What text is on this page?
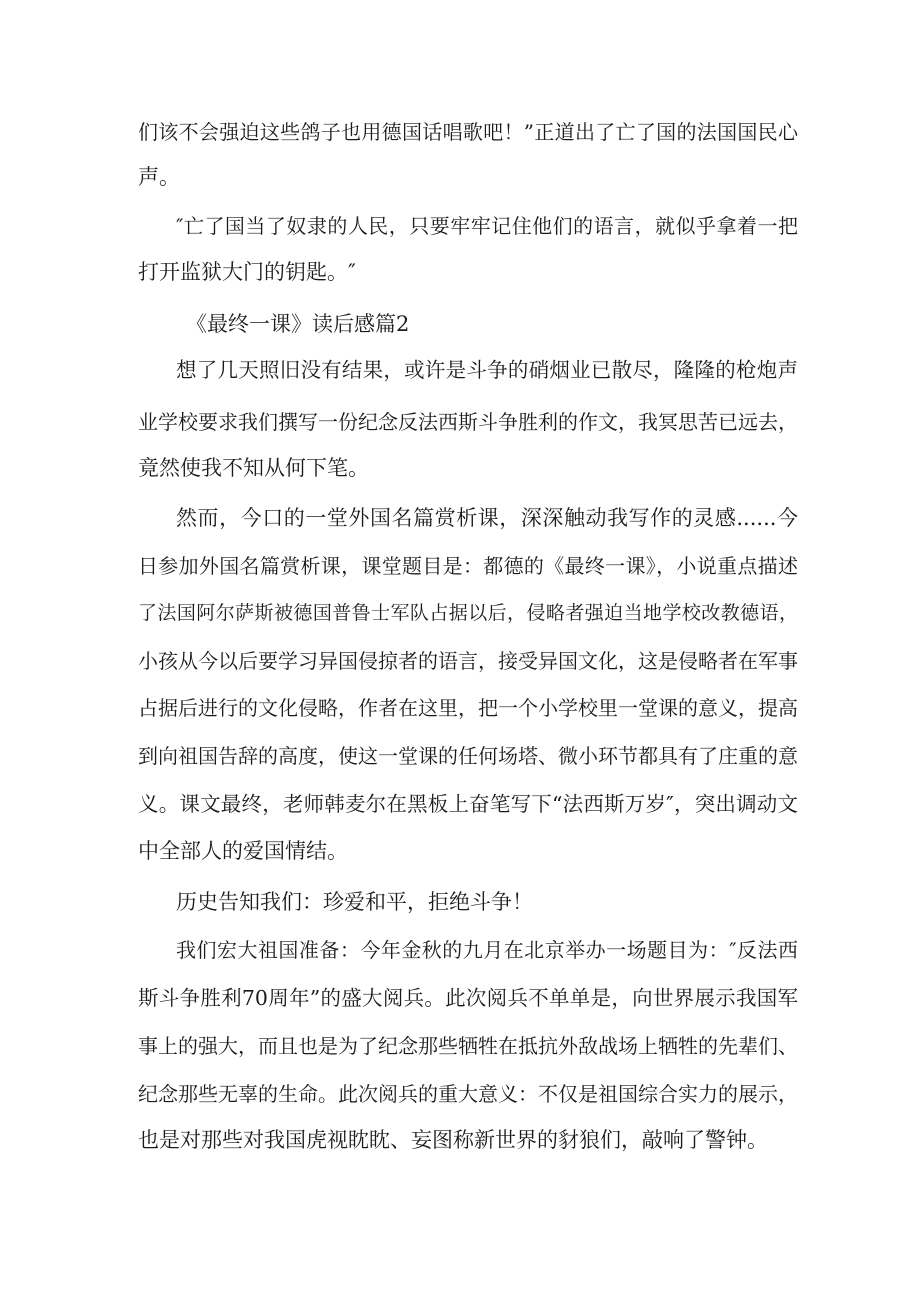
们该不会强迫这些鸽子也用德国话唱歌吧！”正道出了亡了国的法国国民心
声。
″亡了国当了奴隶的人民，只要牢牢记住他们的语言，就似乎拿着一把
打开监狱大门的钥匙。″
《最终一课》读后感篇2
想了几天照旧没有结果，或许是斗争的硝烟业已散尽，隆隆的枪炮声
业学校要求我们撰写一份纪念反法西斯斗争胜利的作文，我冥思苦已远去，
竟然使我不知从何下笔。
然而，今口的一堂外国名篇赏析课，深深触动我写作的灵感......今
日参加外国名篇赏析课，课堂题目是：都德的《最终一课》，小说重点描述
了法国阿尔萨斯被德国普鲁士军队占据以后，侵略者强迫当地学校改教德语，
小孩从今以后要学习异国侵掠者的语言，接受异国文化，这是侵略者在军事
占据后进行的文化侵略，作者在这里，把一个小学校里一堂课的意义，提高
到向祖国告辞的高度，使这一堂课的任何场塔、微小环节都具有了庄重的意
义。课文最终，老师韩麦尔在黑板上奋笔写下“法西斯万岁″，突出调动文
中全部人的爱国情结。
历史告知我们：珍爱和平，拒绝斗争！
我们宏大祖国准备：今年金秋的九月在北京举办一场题目为：″反法西
斯斗争胜利70周年”的盛大阅兵。此次阅兵不单单是，向世界展示我国军
事上的强大，而且也是为了纪念那些牺牲在抵抗外敌战场上牺牲的先辈们、
纪念那些无辜的生命。此次阅兵的重大意义：不仅是祖国综合实力的展示，
也是对那些对我国虎视眈眈、妄图称新世界的豺狼们，敲响了警钟。
